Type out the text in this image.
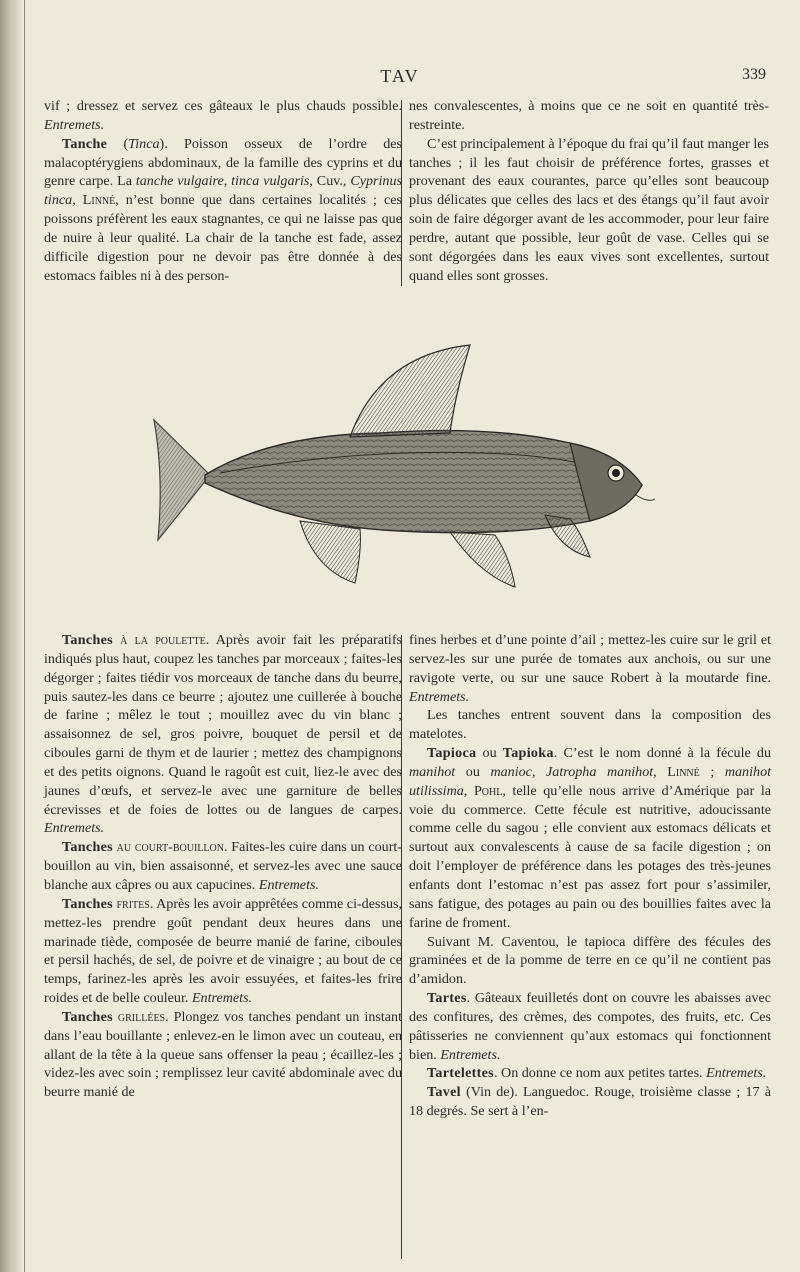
TAV	339

vif ; dressez et servez ces gâteaux le plus chauds possible. Entremets.

Tanche (Tinca). Poisson osseux de l’ordre des malacoptérygiens abdominaux, de la famille des cyprins et du genre carpe. La tanche vulgaire, tinca vulgaris, Cuv., Cyprinus tinca, Linné, n’est bonne que dans certaines localités ; ces poissons préfèrent les eaux stagnantes, ce qui ne laisse pas que de nuire à leur qualité. La chair de la tanche est fade, assez difficile digestion pour ne devoir pas être donnée à des estomacs faibles ni à des person-

nes convalescentes, à moins que ce ne soit en quantité très-restreinte.

C’est principalement à l’époque du frai qu’il faut manger les tanches ; il les faut choisir de préférence fortes, grasses et provenant des eaux courantes, parce qu’elles sont beaucoup plus délicates que celles des lacs et des étangs qu’il faut avoir soin de faire dégorger avant de les accommoder, pour leur faire perdre, autant que possible, leur goût de vase. Celles qui se sont dégorgées dans les eaux vives sont excellentes, surtout quand elles sont grosses.

Tanches à la poulette. Après avoir fait les préparatifs indiqués plus haut, coupez les tanches par morceaux ; faites-les dégorger ; faites tiédir vos morceaux de tanche dans du beurre, puis sautez-les dans ce beurre ; ajoutez une cuillerée à bouche de farine ; mêlez le tout ; mouillez avec du vin blanc ; assaisonnez de sel, gros poivre, bouquet de persil et de ciboules garni de thym et de laurier ; mettez des champignons et des petits oignons. Quand le ragoût est cuit, liez-le avec des jaunes d’œufs, et servez-le avec une garniture de belles écrevisses et de foies de lottes ou de langues de carpes. Entremets.

Tanches au court-bouillon. Faites-les cuire dans un court-bouillon au vin, bien assaisonné, et servez-les avec une sauce blanche aux câpres ou aux capucines. Entremets.

Tanches frites. Après les avoir apprêtées comme ci-dessus, mettez-les prendre goût pendant deux heures dans une marinade tiède, composée de beurre manié de farine, ciboules et persil hachés, de sel, de poivre et de vinaigre ; au bout de ce temps, farinez-les après les avoir essuyées, et faites-les frire roides et de belle couleur. Entremets.

Tanches grillées. Plongez vos tanches pendant un instant dans l’eau bouillante ; enlevez-en le limon avec un couteau, en allant de la tête à la queue sans offenser la peau ; écaillez-les ; videz-les avec soin ; remplissez leur cavité abdominale avec du beurre manié de

fines herbes et d’une pointe d’ail ; mettez-les cuire sur le gril et servez-les sur une purée de tomates aux anchois, ou sur une ravigote verte, ou sur une sauce Robert à la moutarde fine. Entremets.

Les tanches entrent souvent dans la composition des matelotes.

Tapioca ou Tapioka. C’est le nom donné à la fécule du manihot ou manioc, Jatropha manihot, Linné ; manihot utilissima, Pohl, telle qu’elle nous arrive d’Amérique par la voie du commerce. Cette fécule est nutritive, adoucissante comme celle du sagou ; elle convient aux estomacs délicats et surtout aux convalescents à cause de sa facile digestion ; on doit l’employer de préférence dans les potages des très-jeunes enfants dont l’estomac n’est pas assez fort pour s’assimiler, sans fatigue, des potages au pain ou des bouillies faites avec la farine de froment.

Suivant M. Caventou, le tapioca diffère des fécules des graminées et de la pomme de terre en ce qu’il ne contient pas d’amidon.

Tartes. Gâteaux feuilletés dont on couvre les abaisses avec des confitures, des crèmes, des compotes, des fruits, etc. Ces pâtisseries ne conviennent qu’aux estomacs qui fonctionnent bien. Entremets.

Tartelettes. On donne ce nom aux petites tartes. Entremets.

Tavel (Vin de). Languedoc. Rouge, troisième classe ; 17 à 18 degrés. Se sert à l’en-
